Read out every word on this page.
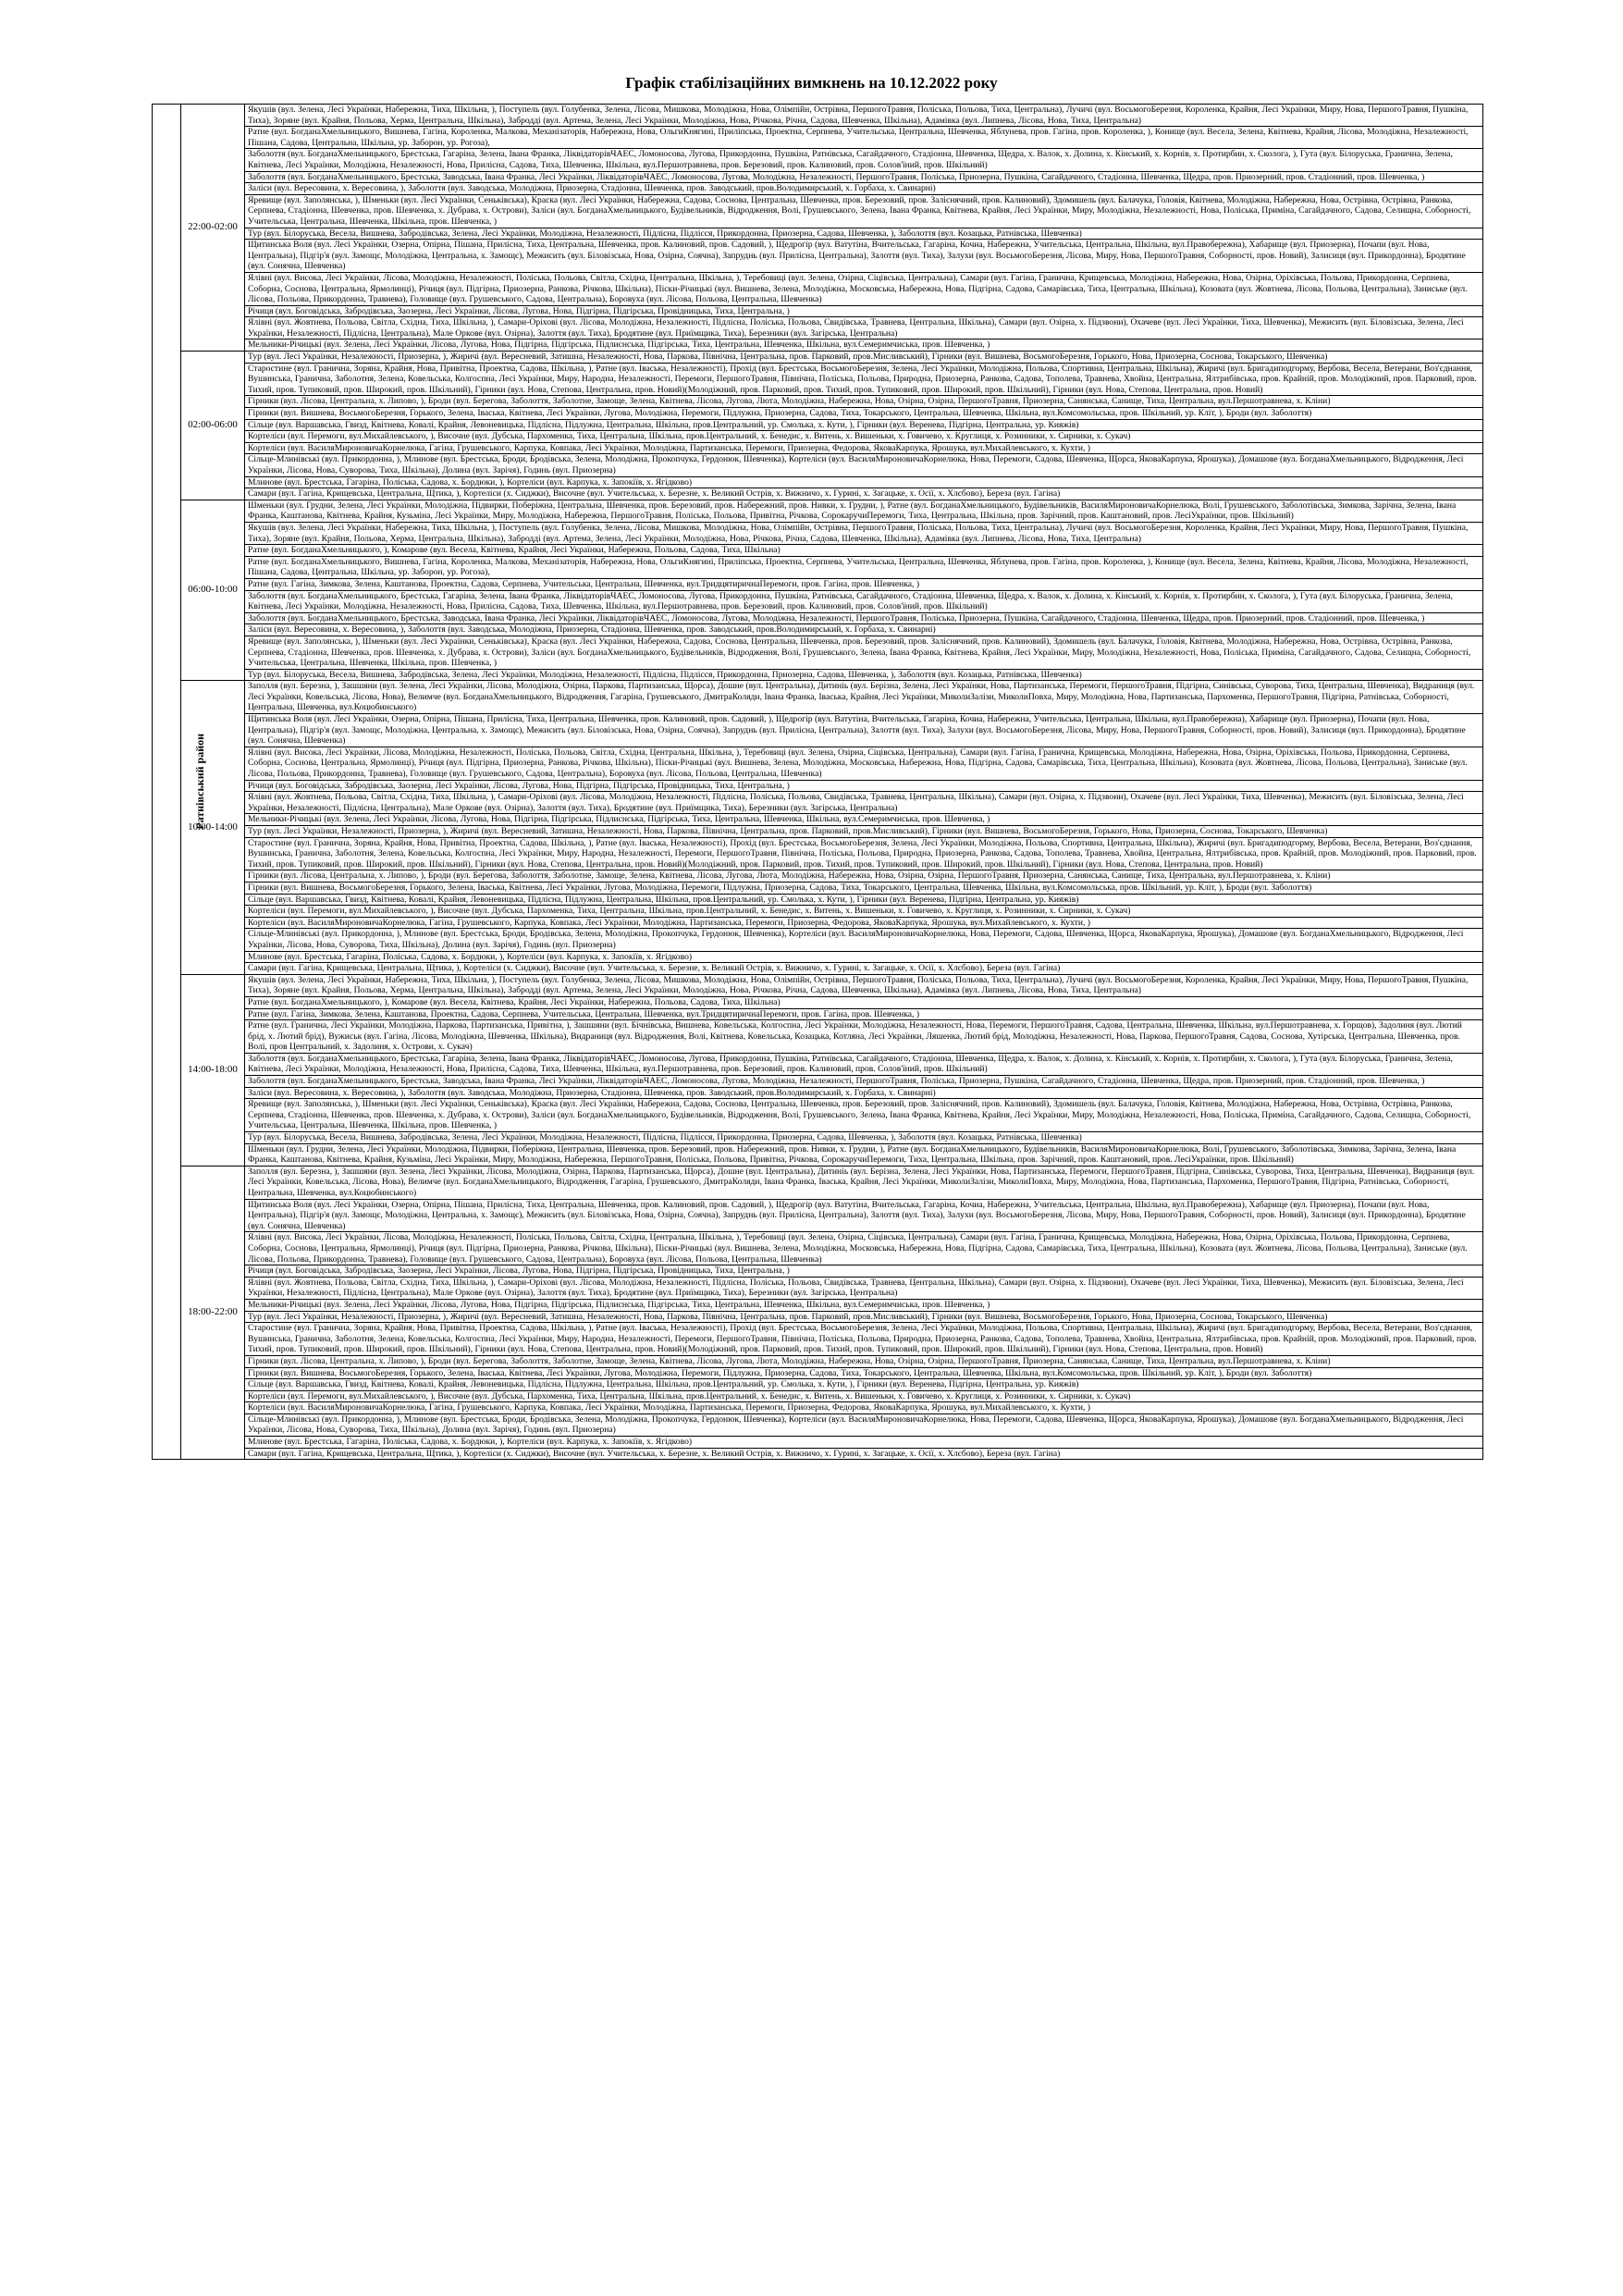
Графік стабілізаційних вимкнень на 10.12.2022 року
Ратнівський район	22:00-02:00	Якушів (вул. Зелена, Лесі Українки, Набережна, Тиха, Шкільна, ), Поступель (вул. Голубенка, Зелена, Лісова, Мишкова, Молодіжна, Нова, Олімпійн, Острівна, ПершогоТравня, Поліська, Польова, Тиха, Центральна), Лучичі (вул. ВосьмогоБерезня, Короленка, Крайня, Лесі Українки, Миру, Нова, ПершогоТравня, Пушкіна, Тиха), Зоряне (вул. Крайня, Польова, Херма, Центральна, Шкільна), Забродді (вул. Артема, Зелена, Лесі Українки, Молодіжна, Нова, Річкова, Річна, Садова, Шевченка, Шкільна), Адамівка (вул. Липнева, Лісова, Нова, Тиха, Центральна)
		Ратне (вул. БогданаХмельницького, Вишнева, Гагіна, Короленка, Малкова, Механізаторів, Набережна, Нова, ОльгиКнягині, Приліпська, Проектна, Серпнева, Учительська, Центральна, Шевченка, Яблунева, пров. Гагіна, пров. Короленка, ), Конище (вул. Весела, Зелена, Квітнева, Крайня, Лісова, Молодіжна, Незалежності, Пішана, Садова, Центральна, Шкільна, ур. Заборон, ур. Рогоза),
		Заболоття (вул. БогданаХмельницького, Брестська, Гагаріна, Зелена, Івана Франка, ЛіквідаторівЧАЕС, Ломоносова, Лугова, Прикордонна, Пушкіна, Ратнівська, Сагайдачного, Стадіонна, Шевченка, Щедра, х. Валок, х. Долина, х. Кінський, х. Корнів, х. Протирбин, х. Сколога, ), Гута (вул. Білоруська, Гранична, Зелена, Квітнева, Лесі Українки, Молодіжна, Незалежності, Нова, Прилісна, Садова, Тиха, Шевченка, Шкільна, вул.Першотравнева, пров. Березовий, пров. Калиновий, пров. Солов'їний, пров. Шкільний)
		Заболоття (вул. БогданаХмельницького, Брестська, Заводська, Івана Франка, Лесі Українки, ЛіквідаторівЧАЕС, Ломоносова, Лугова, Молодіжна, Незалежності, ПершогоТравня, Поліська, Приозерна, Пушкіна, Сагайдачного, Стадіонна, Шевченка, Щедра, пров. Приозерний, пров. Стадіонний, пров. Шевченка, )
		Заліси (вул. Вересовина, х. Вересовина, ), Заболоття (вул. Заводська, Молодіжна, Приозерна, Стадіонна, Шевченка, пров. Заводський, пров.Володимирський, х. Горбаха, х. Свинарні)
		Яревище (вул. Заполянська, ), Шменьки (вул. Лесі Українки, Сеньківська), Краска (вул. Лесі Українки, Набережна, Садова, Соснова, Центральна, Шевченка, пров. Березовий, пров. Заліснячний, пров. Калиновий), Здомишель (вул. Балачука, Головія, Квітнева, Молодіжна, Набережна, Нова, Острівна, Острівна, Ранкова, Серпнева, Стадіонна, Шевченка, пров. Шевченка, х. Дубрава, х. Острови), Заліси (вул. БогданаХмельницького, Будівельників, Відродження, Волі, Грушевського, Зелена, Івана Франка, Квітнева, Крайня, Лесі Українки, Миру, Молодіжна, Незалежності, Нова, Поліська, Приміна, Сагайдачного, Садова, Селищна, Соборності, Учительська, Центральна, Шевченка, Шкільна, пров. Шевченка, )
		Тур (вул. Білоруська, Весела, Вишнева, Забродівська, Зелена, Лесі Українки, Молодіжна, Незалежності, Підлісна, Підлісся, Прикордонна, Приозерна, Садова, Шевченка, ), Заболоття (вул. Козацька, Ратнівська, Шевченка)
		Щитинська Воля (вул. Лесі Українки, Озерна, Опірна, Пішана, Прилісна, Тиха, Центральна, Шевченка, пров. Калиновий, пров. Садовий, ), Щедрогір (вул. Ватутіна, Вчительська, Гагаріна, Кочиа, Набережна, Учительська, Центральна, Шкільна, вул.Правобережна), Хабарище (вул. Приозерна), Почапи (вул. Нова, Центральна), Підгір'я (вул. Замощє, Молодіжна, Центральна, х. Замощє), Межисить (вул. Біловізська, Нова, Озірна, Соячна), Запруднь (вул. Прилісна, Центральна), Залоття (вул. Тиха), Залухи (вул. ВосьмогоБерезня, Лісова, Миру, Нова, ПершогоТравня, Соборності, пров. Новий), Залисиця (вул. Прикордонна), Бродятине (вул. Сонячна, Шевченка)
		Ялівні (вул. Висока, Лесі Українки, Лісова, Молодіжна, Незалежності, Поліська, Польова, Світла, Східна, Центральна, Шкільна, ), Теребовиці (вул. Зелена, Озірна, Сіцівська, Центральна), Самари (вул. Гагіна, Гранична, Крищевська, Молодіжна, Набережна, Нова, Озірна, Оріхівська, Польова, Прикордонна, Серпнева, Соборна, Соснова, Центральна, Ярмолинці), Річиця (вул. Підгірна, Приозерна, Ранкова, Річкова, Шкільна), Піски-Річицькі (вул. Вишнева, Зелена, Молодіжна, Московська, Набережна, Нова, Підгірна, Садова, Самарівська, Тиха, Центральна, Шкільна), Козовата (вул. Жовтнева, Лісова, Польова, Центральна), Заниське (вул. Лісова, Польова, Прикордонна, Травнева), Головище (вул. Грушевського, Садова, Центральна), Боровуха (вул. Лісова, Польова, Центральна, Шевченка)
		Річиця (вул. Боговідська, Забродівська, Заозерна, Лесі Українки, Лісова, Лугова, Нова, Підгірна, Підгірська, Провідницька, Тиха, Центральна, )
		Ялівні (вул. Жовтнева, Польова, Світла, Східна, Тиха, Шкільна, ), Самари-Оріхові (вул. Лісова, Молодіжна, Незалежності, Підлісна, Поліська, Польова, Свидівська, Травнева, Центральна, Шкільна), Самари (вул. Озірна, х. Підзвони), Охачеве (вул. Лесі Українки, Тиха, Шевченка), Межисить (вул. Біловізська, Зелена, Лесі Українки, Незалежності, Підлісна, Центральна), Мале Оркове (вул. Озірна), Залоття (вул. Тиха), Бродятине (вул. Приїмщика, Тиха), Березники (вул. Загірська, Центральна)
		Мельники-Річицькі (вул. Зелена, Лесі Українки, Лісова, Лугова, Нова, Підгірна, Підгірська, Підлиснська, Підгірська, Тиха, Центральна, Шевченка, Шкільна, вул.Семеримчиська, пров. Шевченка, )
	02:00-06:00	Тур (вул. Лесі Українки, Незалежності, Приозерна, ), Жиричі (вул. Вересневий, Затишна, Незалежності, Нова, Паркова, Північна, Центральна, пров. Парковий, пров.Мисливський), Гірники (вул. Вишнева, ВосьмогоБерезня, Горького, Нова, Приозерна, Соснова, Токарського, Шевченка)
		Старостине (вул. Гранична, Зоряна, Крайня, Нова, Привітна, Проектна, Садова, Шкільна, ), Ратне (вул. Іваська, Незалежності), Прохід (вул. Брестська, ВосьмогоБерезня, Зелена, Лесі Українки, Молодіжна, Польова, Спортивна, Центральна, Шкільна), Жиричі (вул. Бригадиподгорму, Вербова, Весела, Ветерани, Воз'єднання, Вушинська, Гранична, Заболотня, Зелена, Ковельська, Колгоспна, Лесі Українки, Миру, Народна, Незалежності, Перемоги, ПершогоТравня, Північна, Поліська, Польова, Природна, Приозерна, Ранкова, Садова, Тополева, Травнева, Хвойна, Центральна, Ялтрибівська, пров. Крайній, пров. Молодіжний, пров. Парковий, пров. Тихий, пров. Тупиковий, пров. Широкий, пров. Шкільний), Гірники (вул. Нова, Степова, Центральна, пров. Новий)(Молодіжний, пров. Парковий, пров. Тихий, пров. Тупиковий, пров. Широкий, пров. Шкільний), Гірники (вул. Нова, Степова, Центральна, пров. Новий)
		Гірники (вул. Лісова, Центральна, х. Липово, ), Броди (вул. Берегова, Заболоття, Заболотне, Замоще, Зелена, Квітнева, Лісова, Лугова, Люта, Молодіжна, Набережна, Нова, Озірна, Озірна, ПершогоТравня, Приозерна, Санянська, Санище, Тиха, Центральна, вул.Першотравнева, х. Кліни)
		Гірники (вул. Вишнева, ВосьмогоБерезня, Горького, Зелена, Іваська, Квітнева, Лесі Українки, Лугова, Молодіжна, Перемоги, Підлужна, Приозерна, Садова, Тиха, Токарського, Центральна, Шевченка, Шкільна, вул.Комсомольська, пров. Шкільний, ур. Кліт, ), Броди (вул. Заболоття)
		Сільце (вул. Варшавська, Гвизд, Квітнева, Ковалі, Крайня, Левоневицька, Підлісна, Підлужна, Центральна, Шкільна, пров.Центральний, ур. Смолька, х. Кути, ), Гірники (вул. Веренева, Підгірна, Центральна, ур. Кияжів)
		Кортеліси (вул. Перемоги, вул.Михайлевського, ), Височне (вул. Дубська, Пархоменка, Тиха, Центральна, Шкільна, пров.Центральний, х. Бенедис, х. Витень, х. Вишеньки, х. Говичево, х. Круглиця, х. Розинники, х. Сирники, х. Сукач)
		Кортеліси (вул. ВасиляМироновичаКорнелюка, Гагіна, Грушевського, Карпука, Ковпака, Лесі Українки, Молодіжна, Партизанська, Перемоги, Приозерна, Федорова, ЯковаКарпука, Ярошука, вул.Михайлевського, х. Кухти, )
		Сільце-Млинівські (вул. Прикордонна, ), Млинове (вул. Брестська, Броди, Бродівська, Зелена, Молодіжна, Прокопчука, Гердонюк, Шевченка), Кортеліси (вул. ВасиляМироновичаКорнелюка, Нова, Перемоги, Садова, Шевченка, Щорса, ЯковаКарпука, Ярошука), Домашове (вул. БогданаХмельницького, Відродження, Лесі Українки, Лісова, Нова, Суворова, Тиха, Шкільна), Долина (вул. Зарічя), Годинь (вул. Приозерна)
		Млинове (вул. Брестська, Гагаріна, Поліська, Садова, х. Бордюки, ), Кортеліси (вул. Карпука, х. Запокіїв, х. Ягідково)
		Самари (вул. Гагіна, Крищевська, Центральна, Щтика, ), Кортеліси (х. Сиджки), Височне (вул. Учительська, х. Березне, х. Великий Острів, х. Вижничо, х. Гурині, х. Загацьке, х. Осії, х. Хлєбово), Береза (вул. Гагіна)
	06:00-10:00	Шменьки (вул. Грудни, Зелена, Лесі Українки, Молодіжна, Підвирки, Поберіжна, Центральна, Шевченка, пров. Березовий, пров. Набережний, пров. Нивки, х. Грудни, ), Ратне (вул. БогданаХмельницького, Будівельників, ВасиляМироновичаКорнелюка, Волі, Грушевського, Заболотівська, Зимкова, Зарічна, Зелена, Івана Франка, Каштанова, Квітнева, Крайня, Кузьміна, Лесі Українки, Миру, Молодіжна, Набережна, ПершогоТравня, Поліська, Польова, Привітна, Річкова, СорокаручиПеремоги, Тиха, Центральна, Шкільна, пров. Зарічний, пров. Каштановий, пров. ЛесіУкраїнки, пров. Шкільний)
		Якушів (вул. Зелена, Лесі Українки, Набережна, Тиха, Шкільна, ), Поступель (вул. Голубенка, Зелена, Лісова, Мишкова, Молодіжна, Нова, Олімпійн, Острівна, ПершогоТравня, Поліська, Польова, Тиха, Центральна), Лучичі (вул. ВосьмогоБерезня, Короленка, Крайня, Лесі Українки, Миру, Нова, ПершогоТравня, Пушкіна, Тиха), Зоряне (вул. Крайня, Польова, Херма, Центральна, Шкільна), Забродді (вул. Артема, Зелена, Лесі Українки, Молодіжна, Нова, Річкова, Річна, Садова, Шевченка, Шкільна), Адамівка (вул. Липнева, Лісова, Нова, Тиха, Центральна)
		Ратне (вул. БогданаХмельницького, ), Комарове (вул. Весела, Квітнева, Крайня, Лесі Українки, Набережна, Польова, Садова, Тиха, Шкільна)
		Ратне (вул. БогданаХмельницького, Вишнева, Гагіна, Короленка, Малкова, Механізаторів, Набережна, Нова, ОльгиКнягині, Приліпська, Проектна, Серпнева, Учительська, Центральна, Шевченка, Яблунева, пров. Гагіна, пров. Короленка, ), Конище (вул. Весела, Зелена, Квітнева, Крайня, Лісова, Молодіжна, Незалежності, Пішана, Садова, Центральна, Шкільна, ур. Заборон, ур. Рогоза),
		Ратне (вул. Гагіна, Зимкова, Зелена, Каштанова, Проектна, Садова, Серпнева, Учительська, Центральна, Шевченка, вул.ТридцятиричнаПеремоги, пров. Гагіна, пров. Шевченка, )
		Заболоття (вул. БогданаХмельницького, Брестська, Гагаріна, Зелена, Івана Франка, ЛіквідаторівЧАЕС, Ломоносова, Лугова, Прикордонна, Пушкіна, Ратнівська, Сагайдачного, Стадіонна, Шевченка, Щедра, х. Валок, х. Долина, х. Кінський, х. Корнів, х. Протирбин, х. Сколога, ), Гута (вул. Білоруська, Гранична, Зелена, Квітнева, Лесі Українки, Молодіжна, Незалежності, Нова, Прилісна, Садова, Тиха, Шевченка, Шкільна, вул.Першотравнева, пров. Березовий, пров. Калиновий, пров. Солов'їний, пров. Шкільний)
		Заболоття (вул. БогданаХмельницького, Брестська, Заводська, Івана Франка, Лесі Українки, ЛіквідаторівЧАЕС, Ломоносова, Лугова, Молодіжна, Незалежності, ПершогоТравня, Поліська, Приозерна, Пушкіна, Сагайдачного, Стадіонна, Шевченка, Щедра, пров. Приозерний, пров. Стадіонний, пров. Шевченка, )
		Заліси (вул. Вересовина, х. Вересовина, ), Заболоття (вул. Заводська, Молодіжна, Приозерна, Стадіонна, Шевченка, пров. Заводський, пров.Володимирський, х. Горбаха, х. Свинарні)
		Яревище (вул. Заполянська, ), Шменьки (вул. Лесі Українки, Сеньківська), Краска (вул. Лесі Українки, Набережна, Садова, Соснова, Центральна, Шевченка, пров. Березовий, пров. Заліснячний, пров. Калиновий), Здомишель (вул. Балачука, Головія, Квітнева, Молодіжна, Набережна, Нова, Острівна, Острівна, Ранкова, Серпнева, Стадіонна, Шевченка, пров. Шевченка, х. Дубрава, х. Острови), Заліси (вул. БогданаХмельницького, Будівельників, Відродження, Волі, Грушевського, Зелена, Івана Франка, Квітнева, Крайня, Лесі Українки, Миру, Молодіжна, Незалежності, Нова, Поліська, Приміна, Сагайдачного, Садова, Селищна, Соборності, Учительська, Центральна, Шевченка, Шкільна, пров. Шевченка, )
		Тур (вул. Білоруська, Весела, Вишнева, Забродівська, Зелена, Лесі Українки, Молодіжна, Незалежності, Підлісна, Підлісся, Прикордонна, Приозерна, Садова, Шевченка, ), Заболоття (вул. Козацька, Ратнівська, Шевченка)
	10:00-14:00	Заполля (вул. Березна, ), Зашшяни (вул. Зелена, Лесі Українки, Лісова, Молодіжна, Озірна, Паркова, Партизанська, Щорса), Дошне (вул. Центральна), Дитиніь (вул. Берізна, Зелена, Лесі Українки, Нова, Партизанська, Перемоги, ПершогоТравня, Підгірна, Синівська, Суворова, Тиха, Центральна, Шевченка), Видраниця (вул. Лесі Українки, Ковельська, Лісова, Нова), Велимче (вул. БогданаХмельницького, Відродження, Гагаріна, Грушевського, ДмитраКоляди, Івана Франка, Іваська, Крайня, Лесі Українки, МиколиЗалізи, МиколиПовха, Миру, Молодіжна, Нова, Партизанська, Пархоменка, ПершогоТравня, Підгірна, Ратнівська, Соборності, Центральна, Шевченка, вул.Коцюбинського)
		Щитинська Воля (вул. Лесі Українки, Озерна, Опірна, Пішана, Прилісна, Тиха, Центральна, Шевченка, пров. Калиновий, пров. Садовий, ), Щедрогір (вул. Ватутіна, Вчительська, Гагаріна, Кочиа, Набережна, Учительська, Центральна, Шкільна, вул.Правобережна), Хабарище (вул. Приозерна), Почапи (вул. Нова, Центральна), Підгір'я (вул. Замощє, Молодіжна, Центральна, х. Замощє), Межисить (вул. Біловізська, Нова, Озірна, Соячна), Запруднь (вул. Прилісна, Центральна), Залоття (вул. Тиха), Залухи (вул. ВосьмогоБерезня, Лісова, Миру, Нова, ПершогоТравня, Соборності, пров. Новий), Залисиця (вул. Прикордонна), Бродятине (вул. Сонячна, Шевченка)
		Ялівні (вул. Висока, Лесі Українки, Лісова, Молодіжна, Незалежності, Поліська, Польова, Світла, Східна, Центральна, Шкільна, ), Теребовиці (вул. Зелена, Озірна, Сіцівська, Центральна), Самари (вул. Гагіна, Гранична, Крищевська, Молодіжна, Набережна, Нова, Озірна, Оріхівська, Польова, Прикордонна, Серпнева, Соборна, Соснова, Центральна, Ярмолинці), Річиця (вул. Підгірна, Приозерна, Ранкова, Річкова, Шкільна), Піски-Річицькі (вул. Вишнева, Зелена, Молодіжна, Московська, Набережна, Нова, Підгірна, Садова, Самарівська, Тиха, Центральна, Шкільна), Козовата (вул. Жовтнева, Лісова, Польова, Центральна), Заниське (вул. Лісова, Польова, Прикордонна, Травнева), Головище (вул. Грушевського, Садова, Центральна), Боровуха (вул. Лісова, Польова, Центральна, Шевченка)
		Річиця (вул. Боговідська, Забродівська, Заозерна, Лесі Українки, Лісова, Лугова, Нова, Підгірна, Підгірська, Провідницька, Тиха, Центральна, )
		Ялівні (вул. Жовтнева, Польова, Світла, Східна, Тиха, Шкільна, ), Самари-Оріхові (вул. Лісова, Молодіжна, Незалежності, Підлісна, Поліська, Польова, Свидівська, Травнева, Центральна, Шкільна), Самари (вул. Озірна, х. Підзвони), Охачеве (вул. Лесі Українки, Тиха, Шевченка), Межисить (вул. Біловізська, Зелена, Лесі Українки, Незалежності, Підлісна, Центральна), Мале Оркове (вул. Озірна), Залоття (вул. Тиха), Бродятине (вул. Приїмщика, Тиха), Березники (вул. Загірська, Центральна)
		Мельники-Річицькі (вул. Зелена, Лесі Українки, Лісова, Лугова, Нова, Підгірна, Підгірська, Підлиснська, Підгірська, Тиха, Центральна, Шевченка, Шкільна, вул.Семеримчиська, пров. Шевченка, )
		Тур (вул. Лесі Українки, Незалежності, Приозерна, ), Жиричі (вул. Вересневий, Затишна, Незалежності, Нова, Паркова, Північна, Центральна, пров. Парковий, пров.Мисливський), Гірники (вул. Вишнева, ВосьмогоБерезня, Горького, Нова, Приозерна, Соснова, Токарського, Шевченка)
		Старостине (вул. Гранична, Зоряна, Крайня, Нова, Привітна, Проектна, Садова, Шкільна, ), Ратне (вул. Іваська, Незалежності), Прохід (вул. Брестська, ВосьмогоБерезня, Зелена, Лесі Українки, Молодіжна, Польова, Спортивна, Центральна, Шкільна), Жиричі (вул. Бригадиподгорму, Вербова, Весела, Ветерани, Воз'єднання, Вушинська, Гранична, Заболотня, Зелена, Ковельська, Колгоспна, Лесі Українки, Миру, Народна, Незалежності, Перемоги, ПершогоТравня, Північна, Поліська, Польова, Природна, Приозерна, Ранкова, Садова, Тополева, Травнева, Хвойна, Центральна, Ялтрибівська, пров. Крайній, пров. Молодіжний, пров. Парковий, пров. Тихий, пров. Тупиковий, пров. Широкий, пров. Шкільний), Гірники (вул. Нова, Степова, Центральна, пров. Новий)(Молодіжний, пров. Парковий, пров. Тихий, пров. Тупиковий, пров. Широкий, пров. Шкільний), Гірники (вул. Нова, Степова, Центральна, пров. Новий)
		Гірники (вул. Лісова, Центральна, х. Липово, ), Броди (вул. Берегова, Заболоття, Заболотне, Замоще, Зелена, Квітнева, Лісова, Лугова, Люта, Молодіжна, Набережна, Нова, Озірна, Озірна, ПершогоТравня, Приозерна, Санянська, Санище, Тиха, Центральна, вул.Першотравнева, х. Кліни)
		Гірники (вул. Вишнева, ВосьмогоБерезня, Горького, Зелена, Іваська, Квітнева, Лесі Українки, Лугова, Молодіжна, Перемоги, Підлужна, Приозерна, Садова, Тиха, Токарського, Центральна, Шевченка, Шкільна, вул.Комсомольська, пров. Шкільний, ур. Кліт, ), Броди (вул. Заболоття)
		Сільце (вул. Варшавська, Гвизд, Квітнева, Ковалі, Крайня, Левоневицька, Підлісна, Підлужна, Центральна, Шкільна, пров.Центральний, ур. Смолька, х. Кути, ), Гірники (вул. Веренева, Підгірна, Центральна, ур. Кияжів)
		Кортеліси (вул. Перемоги, вул.Михайлевського, ), Височне (вул. Дубська, Пархоменка, Тиха, Центральна, Шкільна, пров.Центральний, х. Бенедис, х. Витень, х. Вишеньки, х. Говичево, х. Круглиця, х. Розинники, х. Сирники, х. Сукач)
		Кортеліси (вул. ВасиляМироновичаКорнелюка, Гагіна, Грушевського, Карпука, Ковпака, Лесі Українки, Молодіжна, Партизанська, Перемоги, Приозерна, Федорова, ЯковаКарпука, Ярошука, вул.Михайлевського, х. Кухти, )
		Сільце-Млинівські (вул. Прикордонна, ), Млинове (вул. Брестська, Броди, Бродівська, Зелена, Молодіжна, Прокопчука, Гердонюк, Шевченка), Кортеліси (вул. ВасиляМироновичаКорнелюка, Нова, Перемоги, Садова, Шевченка, Щорса, ЯковаКарпука, Ярошука), Домашове (вул. БогданаХмельницького, Відродження, Лесі Українки, Лісова, Нова, Суворова, Тиха, Шкільна), Долина (вул. Зарічя), Годинь (вул. Приозерна)
		Млинове (вул. Брестська, Гагаріна, Поліська, Садова, х. Бордюки, ), Кортеліси (вул. Карпука, х. Запокіїв, х. Ягідково)
		Самари (вул. Гагіна, Крищевська, Центральна, Щтика, ), Кортеліси (х. Сиджки), Височне (вул. Учительська, х. Березне, х. Великий Острів, х. Вижничо, х. Гурині, х. Загацьке, х. Осії, х. Хлєбово), Береза (вул. Гагіна)
	14:00-18:00	Якушів (вул. Зелена, Лесі Українки, Набережна, Тиха, Шкільна, ), Поступель (вул. Голубенка, Зелена, Лісова, Мишкова, Молодіжна, Нова, Олімпійн, Острівна, ПершогоТравня, Поліська, Польова, Тиха, Центральна), Лучичі (вул. ВосьмогоБерезня, Короленка, Крайня, Лесі Українки, Миру, Нова, ПершогоТравня, Пушкіна, Тиха), Зоряне (вул. Крайня, Польова, Херма, Центральна, Шкільна), Забродді (вул. Артема, Зелена, Лесі Українки, Молодіжна, Нова, Річкова, Річна, Садова, Шевченка, Шкільна), Адамівка (вул. Липнева, Лісова, Нова, Тиха, Центральна)
		Ратне (вул. БогданаХмельницького, ), Комарове (вул. Весела, Квітнева, Крайня, Лесі Українки, Набережна, Польова, Садова, Тиха, Шкільна)
		Ратне (вул. Гагіна, Зимкова, Зелена, Каштанова, Проектна, Садова, Серпнева, Учительська, Центральна, Шевченка, вул.ТридцятиричнаПеремоги, пров. Гагіна, пров. Шевченка, )
		Ратне (вул. Гранична, Лесі Українки, Молодіжна, Паркова, Партизанська, Привітна, ), Зашшяни (вул. Бічнівська, Вишнева, Ковельська, Колгоспна, Лесі Українки, Молодіжна, Незалежності, Нова, Перемоги, ПершогоТравня, Садова, Центральна, Шевченка, Шкільна, вул.Першотравнева, х. Горщов), Задолиня (вул. Лютий брід, х. Лютий брід), Вужиськ (вул. Гагіна, Лісова, Молодіжна, Шевченка, Шкільна), Видраниця (вул. Відродження, Волі, Квітнева, Ковельська, Козацька, Котляна, Лесі Українки, Ляшенка, Лютий брід, Молодіжна, Незалежності, Нова, Паркова, ПершогоТравня, Садова, Соснова, Хутірська, Центральна, Шевченка, пров. Волі, пров Центральний, х. Задолиня, х. Острови, х. Сукач)
		Заболоття (вул. БогданаХмельницького, Брестська, Гагаріна, Зелена, Івана Франка, ЛіквідаторівЧАЕС, Ломоносова, Лугова, Прикордонна, Пушкіна, Ратнівська, Сагайдачного, Стадіонна, Шевченка, Щедра, х. Валок, х. Долина, х. Кінський, х. Корнів, х. Протирбин, х. Сколога, ), Гута (вул. Білоруська, Гранична, Зелена, Квітнева, Лесі Українки, Молодіжна, Незалежності, Нова, Прилісна, Садова, Тиха, Шевченка, Шкільна, вул.Першотравнева, пров. Березовий, пров. Калиновий, пров. Солов'їний, пров. Шкільний)
		Заболоття (вул. БогданаХмельницького, Брестська, Заводська, Івана Франка, Лесі Українки, ЛіквідаторівЧАЕС, Ломоносова, Лугова, Молодіжна, Незалежності, ПершогоТравня, Поліська, Приозерна, Пушкіна, Сагайдачного, Стадіонна, Шевченка, Щедра, пров. Приозерний, пров. Стадіонний, пров. Шевченка, )
		Заліси (вул. Вересовина, х. Вересовина, ), Заболоття (вул. Заводська, Молодіжна, Приозерна, Стадіонна, Шевченка, пров. Заводський, пров.Володимирський, х. Горбаха, х. Свинарні)
		Яревище (вул. Заполянська, ), Шменьки (вул. Лесі Українки, Сеньківська), Краска (вул. Лесі Українки, Набережна, Садова, Соснова, Центральна, Шевченка, пров. Березовий, пров. Заліснячний, пров. Калиновий), Здомишель (вул. Балачука, Головія, Квітнева, Молодіжна, Набережна, Нова, Острівна, Острівна, Ранкова, Серпнева, Стадіонна, Шевченка, пров. Шевченка, х. Дубрава, х. Острови), Заліси (вул. БогданаХмельницького, Будівельників, Відродження, Волі, Грушевського, Зелена, Івана Франка, Квітнева, Крайня, Лесі Українки, Миру, Молодіжна, Незалежності, Нова, Поліська, Приміна, Сагайдачного, Садова, Селищна, Соборності, Учительська, Центральна, Шевченка, Шкільна, пров. Шевченка, )
		Тур (вул. Білоруська, Весела, Вишнева, Забродівська, Зелена, Лесі Українки, Молодіжна, Незалежності, Підлісна, Підлісся, Прикордонна, Приозерна, Садова, Шевченка, ), Заболоття (вул. Козацька, Ратнівська, Шевченка)
		Шменьки (вул. Грудни, Зелена, Лесі Українки, Молодіжна, Підвирки, Поберіжна, Центральна, Шевченка, пров. Березовий, пров. Набережний, пров. Нивки, х. Грудни, ), Ратне (вул. БогданаХмельницького, Будівельників, ВасиляМироновичаКорнелюка, Волі, Грушевського, Заболотівська, Зимкова, Зарічна, Зелена, Івана Франка, Каштанова, Квітнева, Крайня, Кузьміна, Лесі Українки, Миру, Молодіжна, Набережна, ПершогоТравня, Поліська, Польова, Привітна, Річкова, СорокаручиПеремоги, Тиха, Центральна, Шкільна, пров. Зарічний, пров. Каштановий, пров. ЛесіУкраїнки, пров. Шкільний)
	18:00-22:00	Заполля (вул. Березна, ), Зашшяни (вул. Зелена, Лесі Українки, Лісова, Молодіжна, Озірна, Паркова, Партизанська, Щорса), Дошне (вул. Центральна), Дитиніь (вул. Берізна, Зелена, Лесі Українки, Нова, Партизанська, Перемоги, ПершогоТравня, Підгірна, Синівська, Суворова, Тиха, Центральна, Шевченка), Видраниця (вул. Лесі Українки, Ковельська, Лісова, Нова), Велимче (вул. БогданаХмельницького, Відродження, Гагаріна, Грушевського, ДмитраКоляди, Івана Франка, Іваська, Крайня, Лесі Українки, МиколиЗалізи, МиколиПовха, Миру, Молодіжна, Нова, Партизанська, Пархоменка, ПершогоТравня, Підгірна, Ратнівська, Соборності, Центральна, Шевченка, вул.Коцюбинського)
		Щитинська Воля (вул. Лесі Українки, Озерна, Опірна, Пішана, Прилісна, Тиха, Центральна, Шевченка, пров. Калиновий, пров. Садовий, ), Щедрогір (вул. Ватутіна, Вчительська, Гагаріна, Кочиа, Набережна, Учительська, Центральна, Шкільна, вул.Правобережна), Хабарище (вул. Приозерна), Почапи (вул. Нова, Центральна), Підгір'я (вул. Замощє, Молодіжна, Центральна, х. Замощє), Межисить (вул. Біловізська, Нова, Озірна, Соячна), Запруднь (вул. Прилісна, Центральна), Залоття (вул. Тиха), Залухи (вул. ВосьмогоБерезня, Лісова, Миру, Нова, ПершогоТравня, Соборності, пров. Новий), Залисиця (вул. Прикордонна), Бродятине (вул. Сонячна, Шевченка)
		Ялівні (вул. Висока, Лесі Українки, Лісова, Молодіжна, Незалежності, Поліська, Польова, Світла, Східна, Центральна, Шкільна, ), Теребовиці (вул. Зелена, Озірна, Сіцівська, Центральна), Самари (вул. Гагіна, Гранична, Крищевська, Молодіжна, Набережна, Нова, Озірна, Оріхівська, Польова, Прикордонна, Серпнева, Соборна, Соснова, Центральна, Ярмолинці), Річиця (вул. Підгірна, Приозерна, Ранкова, Річкова, Шкільна), Піски-Річицькі (вул. Вишнева, Зелена, Молодіжна, Московська, Набережна, Нова, Підгірна, Садова, Самарівська, Тиха, Центральна, Шкільна), Козовата (вул. Жовтнева, Лісова, Польова, Центральна), Заниське (вул. Лісова, Польова, Прикордонна, Травнева), Головище (вул. Грушевського, Садова, Центральна), Боровуха (вул. Лісова, Польова, Центральна, Шевченка)
		Річиця (вул. Боговідська, Забродівська, Заозерна, Лесі Українки, Лісова, Лугова, Нова, Підгірна, Підгірська, Провідницька, Тиха, Центральна, )
		Ялівні (вул. Жовтнева, Польова, Світла, Східна, Тиха, Шкільна, ), Самари-Оріхові (вул. Лісова, Молодіжна, Незалежності, Підлісна, Поліська, Польова, Свидівська, Травнева, Центральна, Шкільна), Самари (вул. Озірна, х. Підзвони), Охачеве (вул. Лесі Українки, Тиха, Шевченка), Межисить (вул. Біловізська, Зелена, Лесі Українки, Незалежності, Підлісна, Центральна), Мале Оркове (вул. Озірна), Залоття (вул. Тиха), Бродятине (вул. Приїмщика, Тиха), Березники (вул. Загірська, Центральна)
		Мельники-Річицькі (вул. Зелена, Лесі Українки, Лісова, Лугова, Нова, Підгірна, Підгірська, Підлиснська, Підгірська, Тиха, Центральна, Шевченка, Шкільна, вул.Семеримчиська, пров. Шевченка, )
		Тур (вул. Лесі Українки, Незалежності, Приозерна, ), Жиричі (вул. Вересневий, Затишна, Незалежності, Нова, Паркова, Північна, Центральна, пров. Парковий, пров.Мисливський), Гірники (вул. Вишнева, ВосьмогоБерезня, Горького, Нова, Приозерна, Соснова, Токарського, Шевченка)
		Старостине (вул. Гранична, Зоряна, Крайня, Нова, Привітна, Проектна, Садова, Шкільна, ), Ратне (вул. Іваська, Незалежності), Прохід (вул. Брестська, ВосьмогоБерезня, Зелена, Лесі Українки, Молодіжна, Польова, Спортивна, Центральна, Шкільна), Жиричі (вул. Бригадиподгорму, Вербова, Весела, Ветерани, Воз'єднання, Вушинська, Гранична, Заболотня, Зелена, Ковельська, Колгоспна, Лесі Українки, Миру, Народна, Незалежності, Перемоги, ПершогоТравня, Північна, Поліська, Польова, Природна, Приозерна, Ранкова, Садова, Тополева, Травнева, Хвойна, Центральна, Ялтрибівська, пров. Крайній, пров. Молодіжний, пров. Парковий, пров. Тихий, пров. Тупиковий, пров. Широкий, пров. Шкільний), Гірники (вул. Нова, Степова, Центральна, пров. Новий)(Молодіжний, пров. Парковий, пров. Тихий, пров. Тупиковий, пров. Широкий, пров. Шкільний), Гірники (вул. Нова, Степова, Центральна, пров. Новий)
		Гірники (вул. Лісова, Центральна, х. Липово, ), Броди (вул. Берегова, Заболоття, Заболотне, Замоще, Зелена, Квітнева, Лісова, Лугова, Люта, Молодіжна, Набережна, Нова, Озірна, Озірна, ПершогоТравня, Приозерна, Санянська, Санище, Тиха, Центральна, вул.Першотравнева, х. Кліни)
		Гірники (вул. Вишнева, ВосьмогоБерезня, Горького, Зелена, Іваська, Квітнева, Лесі Українки, Лугова, Молодіжна, Перемоги, Підлужна, Приозерна, Садова, Тиха, Токарського, Центральна, Шевченка, Шкільна, вул.Комсомольська, пров. Шкільний, ур. Кліт, ), Броди (вул. Заболоття)
		Сільце (вул. Варшавська, Гвизд, Квітнева, Ковалі, Крайня, Левоневицька, Підлісна, Підлужна, Центральна, Шкільна, пров.Центральний, ур. Смолька, х. Кути, ), Гірники (вул. Веренева, Підгірна, Центральна, ур. Кияжів)
		Кортеліси (вул. Перемоги, вул.Михайлевського, ), Височне (вул. Дубська, Пархоменка, Тиха, Центральна, Шкільна, пров.Центральний, х. Бенедис, х. Витень, х. Вишеньки, х. Говичево, х. Круглиця, х. Розинники, х. Сирники, х. Сукач)
		Кортеліси (вул. ВасиляМироновичаКорнелюка, Гагіна, Грушевського, Карпука, Ковпака, Лесі Українки, Молодіжна, Партизанська, Перемоги, Приозерна, Федорова, ЯковаКарпука, Ярошука, вул.Михайлевського, х. Кухти, )
		Сільце-Млинівські (вул. Прикордонна, ), Млинове (вул. Брестська, Броди, Бродівська, Зелена, Молодіжна, Прокопчука, Гердонюк, Шевченка), Кортеліси (вул. ВасиляМироновичаКорнелюка, Нова, Перемоги, Садова, Шевченка, Щорса, ЯковаКарпука, Ярошука), Домашове (вул. БогданаХмельницького, Відродження, Лесі Українки, Лісова, Нова, Суворова, Тиха, Шкільна), Долина (вул. Зарічя), Годинь (вул. Приозерна)
		Млинове (вул. Брестська, Гагаріна, Поліська, Садова, х. Бордюки, ), Кортеліси (вул. Карпука, х. Запокіїв, х. Ягідково)
		Самари (вул. Гагіна, Крищевська, Центральна, Щтика, ), Кортеліси (х. Сиджки), Височне (вул. Учительська, х. Березне, х. Великий Острів, х. Вижничо, х. Гурині, х. Загацьке, х. Осії, х. Хлєбово), Береза (вул. Гагіна)
